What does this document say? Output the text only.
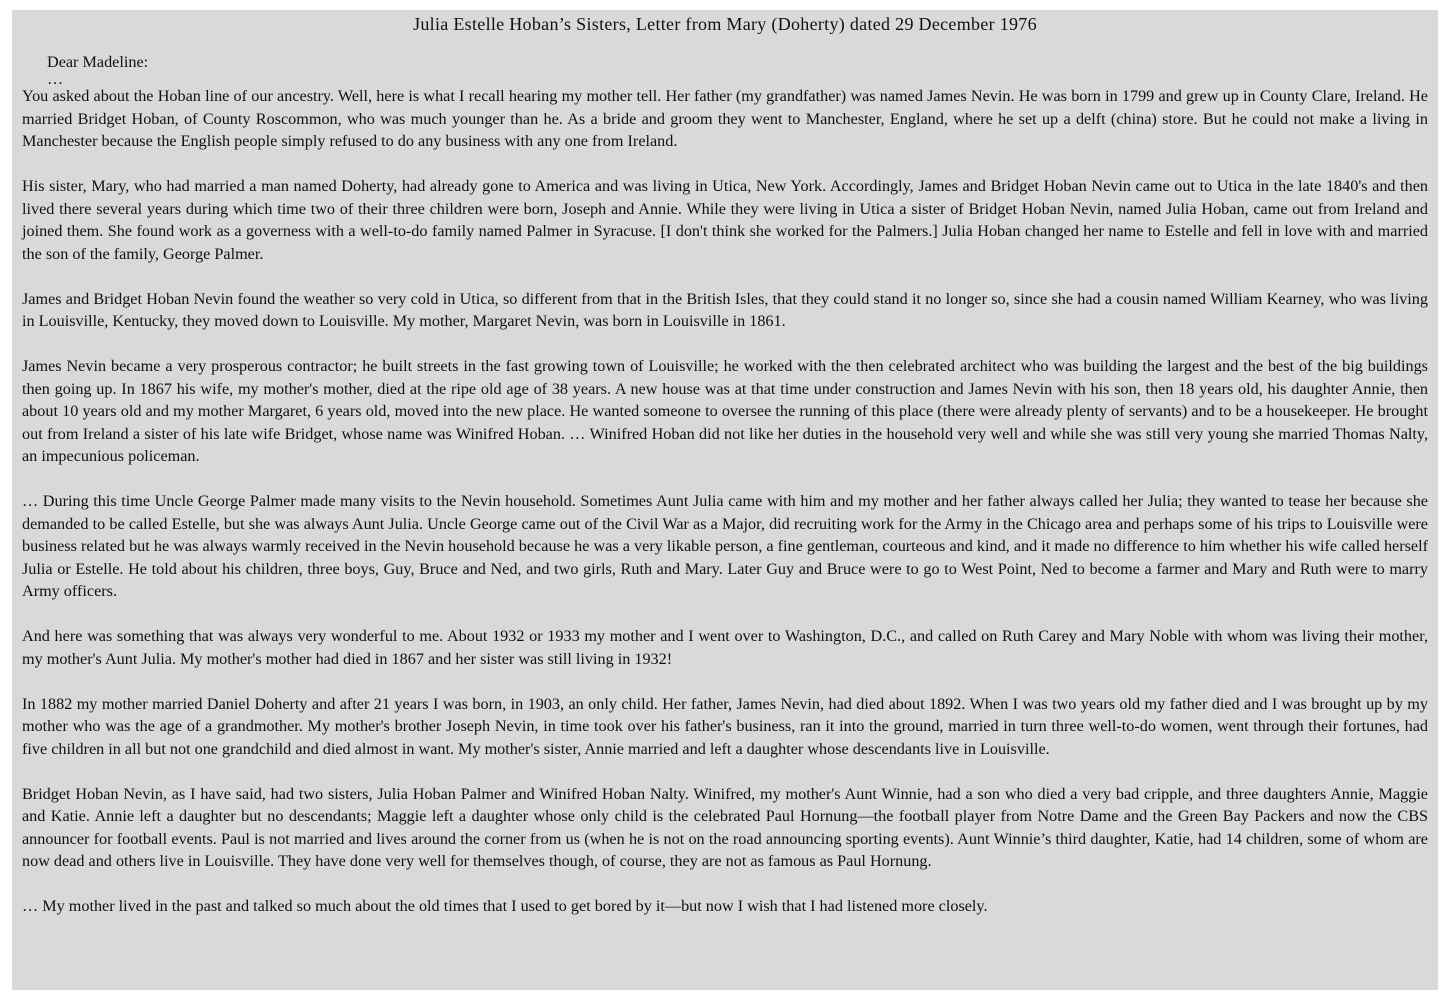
Julia Estelle Hoban’s Sisters, Letter from Mary (Doherty) dated 29 December 1976
Dear Madeline:
…

You asked about the Hoban line of our ancestry. Well, here is what I recall hearing my mother tell. Her father (my grandfather) was named James Nevin. He was born in 1799 and grew up in County Clare, Ireland. He married Bridget Hoban, of County Roscommon, who was much younger than he. As a bride and groom they went to Manchester, England, where he set up a delft (china) store. But he could not make a living in Manchester because the English people simply refused to do any business with any one from Ireland.

His sister, Mary, who had married a man named Doherty, had already gone to America and was living in Utica, New York. Accordingly, James and Bridget Hoban Nevin came out to Utica in the late 1840's and then lived there several years during which time two of their three children were born, Joseph and Annie. While they were living in Utica a sister of Bridget Hoban Nevin, named Julia Hoban, came out from Ireland and joined them. She found work as a governess with a well-to-do family named Palmer in Syracuse. [I don't think she worked for the Palmers.] Julia Hoban changed her name to Estelle and fell in love with and married the son of the family, George Palmer.

James and Bridget Hoban Nevin found the weather so very cold in Utica, so different from that in the British Isles, that they could stand it no longer so, since she had a cousin named William Kearney, who was living in Louisville, Kentucky, they moved down to Louisville. My mother, Margaret Nevin, was born in Louisville in 1861.

James Nevin became a very prosperous contractor; he built streets in the fast growing town of Louisville; he worked with the then celebrated architect who was building the largest and the best of the big buildings then going up. In 1867 his wife, my mother's mother, died at the ripe old age of 38 years. A new house was at that time under construction and James Nevin with his son, then 18 years old, his daughter Annie, then about 10 years old and my mother Margaret, 6 years old, moved into the new place. He wanted someone to oversee the running of this place (there were already plenty of servants) and to be a housekeeper. He brought out from Ireland a sister of his late wife Bridget, whose name was Winifred Hoban. … Winifred Hoban did not like her duties in the household very well and while she was still very young she married Thomas Nalty, an impecunious policeman.

… During this time Uncle George Palmer made many visits to the Nevin household. Sometimes Aunt Julia came with him and my mother and her father always called her Julia; they wanted to tease her because she demanded to be called Estelle, but she was always Aunt Julia. Uncle George came out of the Civil War as a Major, did recruiting work for the Army in the Chicago area and perhaps some of his trips to Louisville were business related but he was always warmly received in the Nevin household because he was a very likable person, a fine gentleman, courteous and kind, and it made no difference to him whether his wife called herself Julia or Estelle. He told about his children, three boys, Guy, Bruce and Ned, and two girls, Ruth and Mary. Later Guy and Bruce were to go to West Point, Ned to become a farmer and Mary and Ruth were to marry Army officers.

And here was something that was always very wonderful to me. About 1932 or 1933 my mother and I went over to Washington, D.C., and called on Ruth Carey and Mary Noble with whom was living their mother, my mother's Aunt Julia. My mother's mother had died in 1867 and her sister was still living in 1932!

In 1882 my mother married Daniel Doherty and after 21 years I was born, in 1903, an only child. Her father, James Nevin, had died about 1892. When I was two years old my father died and I was brought up by my mother who was the age of a grandmother. My mother's brother Joseph Nevin, in time took over his father's business, ran it into the ground, married in turn three well-to-do women, went through their fortunes, had five children in all but not one grandchild and died almost in want. My mother's sister, Annie married and left a daughter whose descendants live in Louisville.

Bridget Hoban Nevin, as I have said, had two sisters, Julia Hoban Palmer and Winifred Hoban Nalty. Winifred, my mother's Aunt Winnie, had a son who died a very bad cripple, and three daughters Annie, Maggie and Katie. Annie left a daughter but no descendants; Maggie left a daughter whose only child is the celebrated Paul Hornung—the football player from Notre Dame and the Green Bay Packers and now the CBS announcer for football events. Paul is not married and lives around the corner from us (when he is not on the road announcing sporting events). Aunt Winnie’s third daughter, Katie, had 14 children, some of whom are now dead and others live in Louisville. They have done very well for themselves though, of course, they are not as famous as Paul Hornung.

… My mother lived in the past and talked so much about the old times that I used to get bored by it—but now I wish that I had listened more closely.
